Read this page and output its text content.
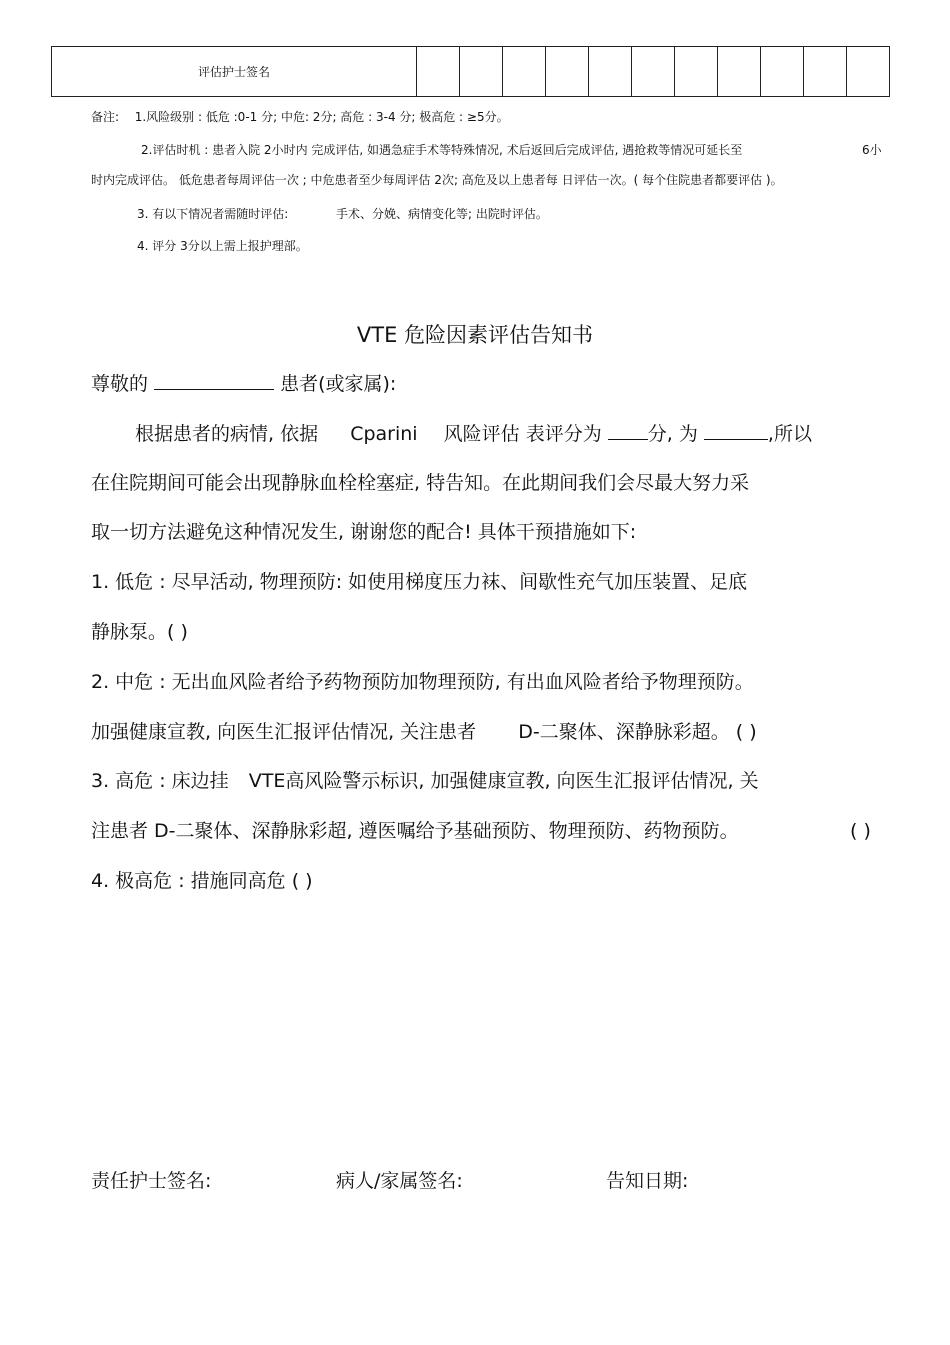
评估护士签名											
备注: 1.风险级别 : 低危 :0-1 分; 中危: 2分; 高危 : 3-4 分; 极高危 : ≥5分。
2.评估时机 : 患者入院 2小时内 完成评估, 如遇急症手术等特殊情况, 术后返回后完成评估, 遇抢救等情况可延长至	6小
时内完成评估。 低危患者每周评估一次 ; 中危患者至少每周评估 2次; 高危及以上患者每 日评估一次。( 每个住院患者都要评估 )。
3. 有以下情况者需随时评估:	手术、分娩、病情变化等; 出院时评估。
4. 评分 3分以上需上报护理部。
VTE 危险因素评估告知书
尊敬的	患者(或家属):
根据患者的病情, 依据 Cparini 风险评估 表评分为 分, 为	,所以
在住院期间可能会出现静脉血栓栓塞症, 特告知。在此期间我们会尽最大努力采
取一切方法避免这种情况发生, 谢谢您的配合! 具体干预措施如下:
1. 低危 : 尽早活动, 物理预防: 如使用梯度压力袜、间歇性充气加压装置、足底
静脉泵。( )
2. 中危 : 无出血风险者给予药物预防加物理预防, 有出血风险者给予物理预防。
加强健康宣教, 向医生汇报评估情况, 关注患者 D-二聚体、深静脉彩超。 ( )
3. 高危 : 床边挂 VTE高风险警示标识, 加强健康宣教, 向医生汇报评估情况, 关
注患者 D-二聚体、深静脉彩超, 遵医嘱给予基础预防、物理预防、药物预防。	( )
4. 极高危 : 措施同高危 ( )
责任护士签名:	病人/家属签名:	告知日期:
